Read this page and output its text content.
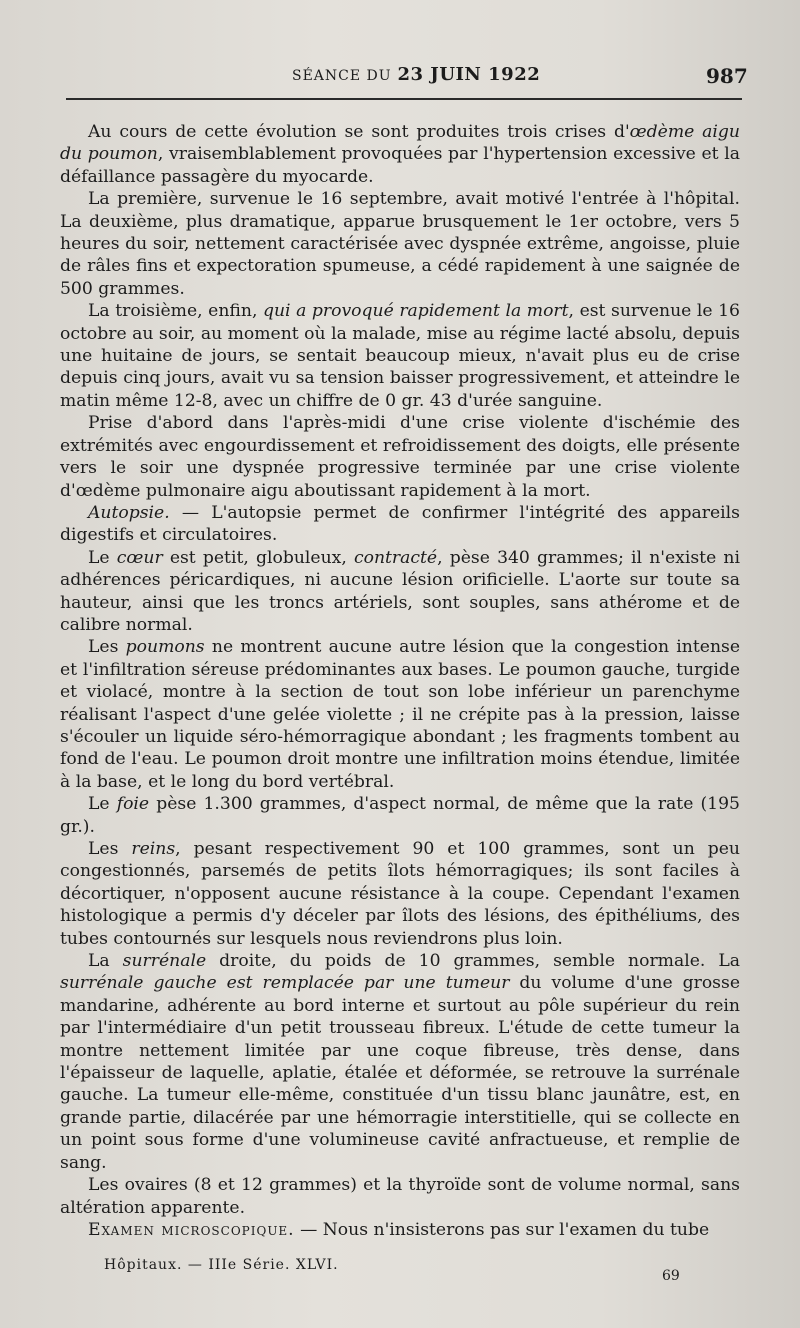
SÉANCE DU 23 JUIN 1922	987

Au cours de cette évolution se sont produites trois crises d'œdème aigu du poumon, vraisemblablement provoquées par l'hypertension excessive et la défaillance passagère du myocarde.

La première, survenue le 16 septembre, avait motivé l'entrée à l'hôpital. La deuxième, plus dramatique, apparue brusquement le 1er octobre, vers 5 heures du soir, nettement caractérisée avec dyspnée extrême, angoisse, pluie de râles fins et expectoration spumeuse, a cédé rapidement à une saignée de 500 grammes.

La troisième, enfin, qui a provoqué rapidement la mort, est survenue le 16 octobre au soir, au moment où la malade, mise au régime lacté absolu, depuis une huitaine de jours, se sentait beaucoup mieux, n'avait plus eu de crise depuis cinq jours, avait vu sa tension baisser progressivement, et atteindre le matin même 12-8, avec un chiffre de 0 gr. 43 d'urée sanguine.

Prise d'abord dans l'après-midi d'une crise violente d'ischémie des extrémités avec engourdissement et refroidissement des doigts, elle présente vers le soir une dyspnée progressive terminée par une crise violente d'œdème pulmonaire aigu aboutissant rapidement à la mort.

Autopsie. — L'autopsie permet de confirmer l'intégrité des appareils digestifs et circulatoires.

Le cœur est petit, globuleux, contracté, pèse 340 grammes; il n'existe ni adhérences péricardiques, ni aucune lésion orificielle. L'aorte sur toute sa hauteur, ainsi que les troncs artériels, sont souples, sans athérome et de calibre normal.

Les poumons ne montrent aucune autre lésion que la congestion intense et l'infiltration séreuse prédominantes aux bases. Le poumon gauche, turgide et violacé, montre à la section de tout son lobe inférieur un parenchyme réalisant l'aspect d'une gelée violette ; il ne crépite pas à la pression, laisse s'écouler un liquide séro-hémorragique abondant ; les fragments tombent au fond de l'eau. Le poumon droit montre une infiltration moins étendue, limitée à la base, et le long du bord vertébral.

Le foie pèse 1.300 grammes, d'aspect normal, de même que la rate (195 gr.).

Les reins, pesant respectivement 90 et 100 grammes, sont un peu congestionnés, parsemés de petits îlots hémorragiques; ils sont faciles à décortiquer, n'opposent aucune résistance à la coupe. Cependant l'examen histologique a permis d'y déceler par îlots des lésions, des épithéliums, des tubes contournés sur lesquels nous reviendrons plus loin.

La surrénale droite, du poids de 10 grammes, semble normale. La surrénale gauche est remplacée par une tumeur du volume d'une grosse mandarine, adhérente au bord interne et surtout au pôle supérieur du rein par l'intermédiaire d'un petit trousseau fibreux. L'étude de cette tumeur la montre nettement limitée par une coque fibreuse, très dense, dans l'épaisseur de laquelle, aplatie, étalée et déformée, se retrouve la surrénale gauche. La tumeur elle-même, constituée d'un tissu blanc jaunâtre, est, en grande partie, dilacérée par une hémorragie interstitielle, qui se collecte en un point sous forme d'une volumineuse cavité anfractueuse, et remplie de sang.

Les ovaires (8 et 12 grammes) et la thyroïde sont de volume normal, sans altération apparente.

Examen microscopique. — Nous n'insisterons pas sur l'examen du tube

Hôpitaux. — IIIe Série. XLVI.
69
